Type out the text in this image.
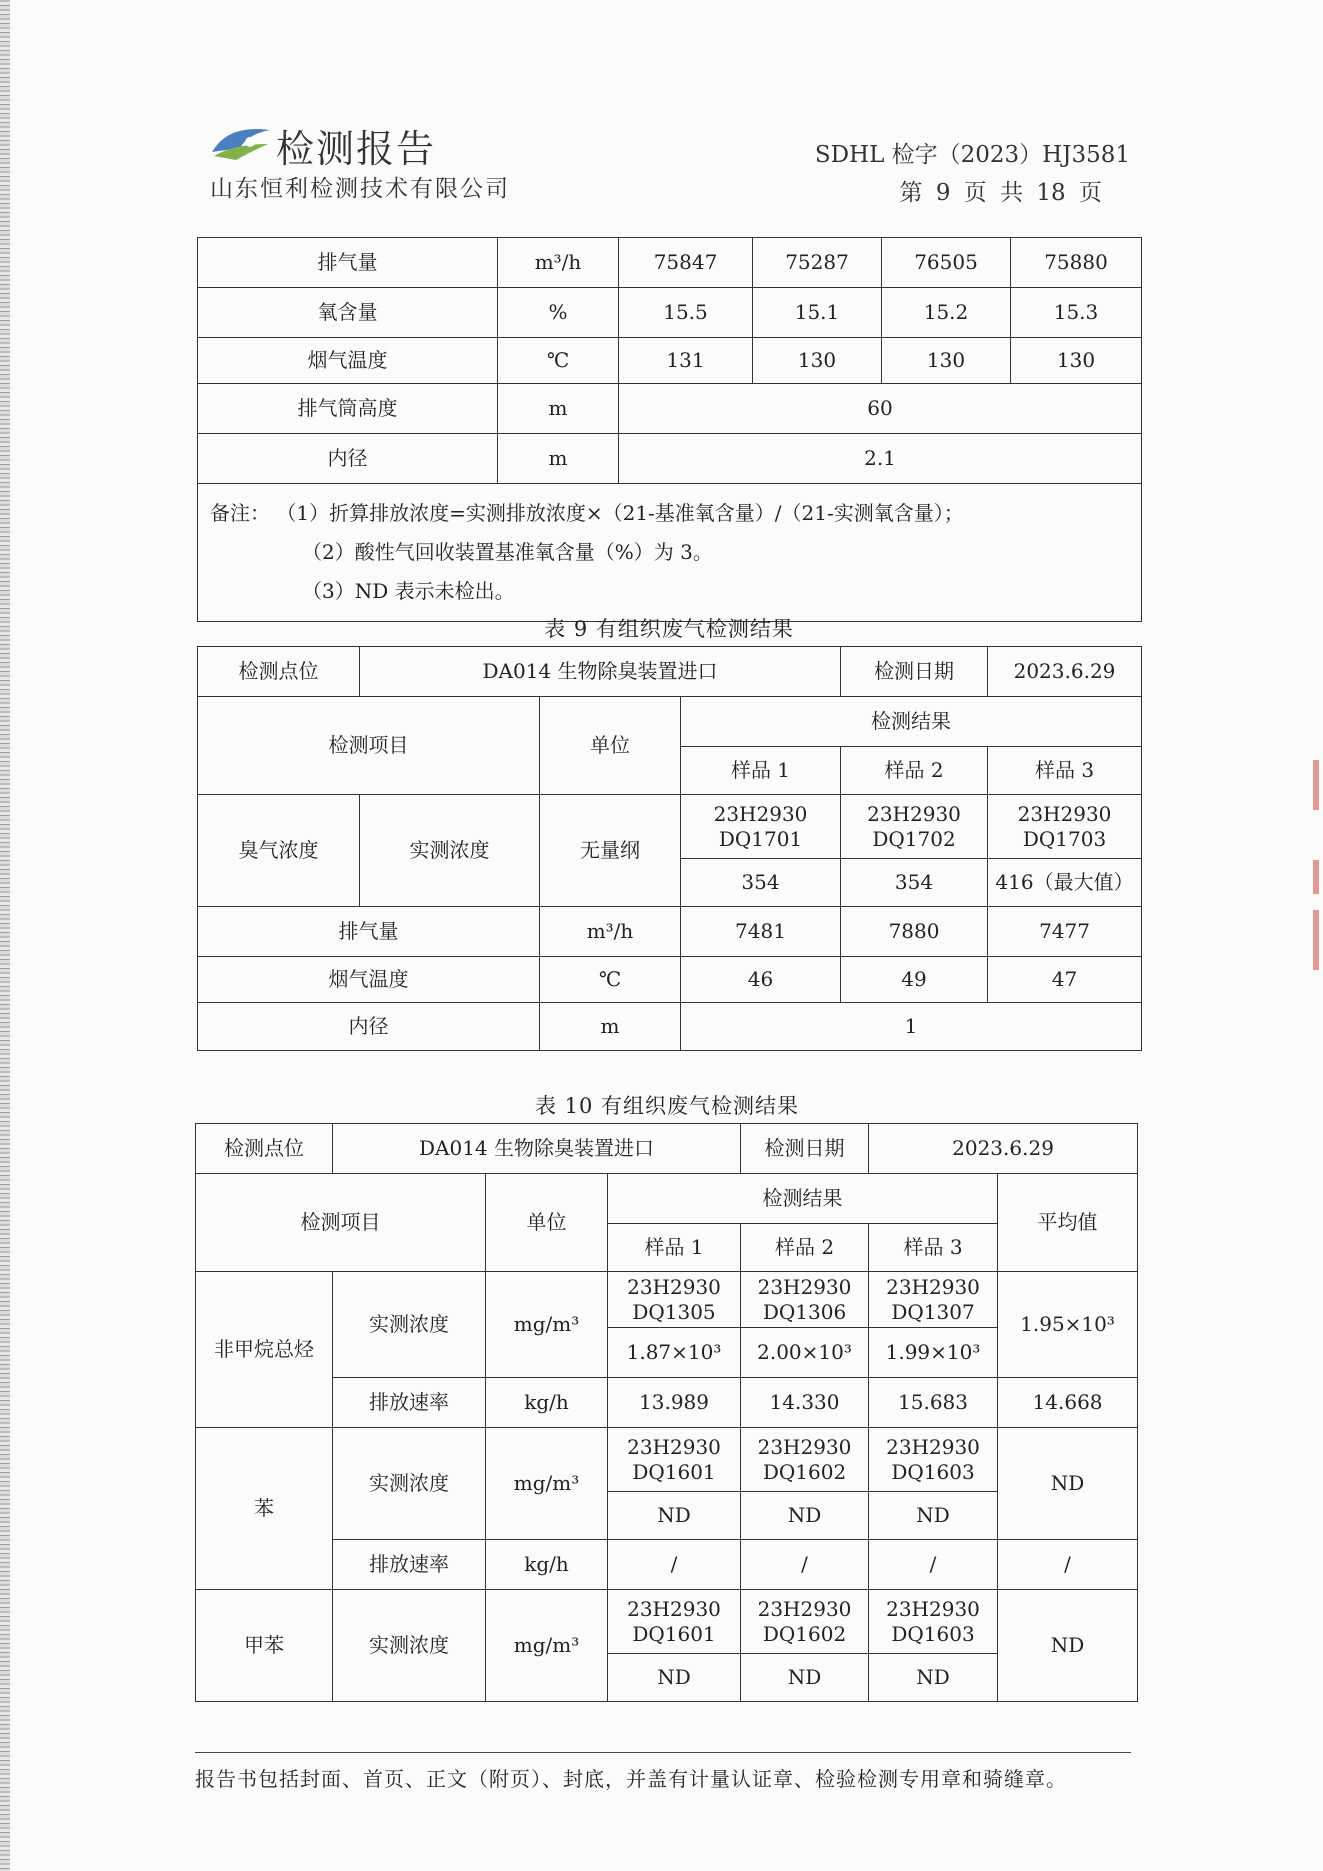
检测报告
山东恒利检测技术有限公司
SDHL 检字（2023）HJ3581
第 9 页 共 18 页
排气量	m³/h	75847	75287	76505	75880
氧含量	%	15.5	15.1	15.2	15.3
烟气温度	℃	131	130	130	130
排气筒高度	m	60			
内径	m	2.1			

备注： （1）折算排放浓度=实测排放浓度×（21-基准氧含量）/（21-实测氧含量）；
（2）酸性气回收装置基准氧含量（%）为 3。
（3）ND 表示未检出。					
表 9 有组织废气检测结果
检测点位	DA014 生物除臭装置进口			检测日期	2023.6.29
检测项目		单位	检测结果		
			样品 1	样品 2	样品 3
臭气浓度	实测浓度	无量纲	23H2930 DQ1701	23H2930 DQ1702	23H2930 DQ1703
			354	354	416（最大值）
排气量		m³/h	7481	7880	7477
烟气温度		℃	46	49	47
内径		m	1		
表 10 有组织废气检测结果
检测点位	DA014 生物除臭装置进口			检测日期	2023.6.29	
检测项目		单位	检测结果			平均值
			样品 1	样品 2	样品 3	
非甲烷总烃	实测浓度	mg/m³	23H2930 DQ1305	23H2930 DQ1306	23H2930 DQ1307	1.95×10³
			1.87×10³	2.00×10³	1.99×10³	
	排放速率	kg/h	13.989	14.330	15.683	14.668
苯	实测浓度	mg/m³	23H2930 DQ1601	23H2930 DQ1602	23H2930 DQ1603	ND
			ND	ND	ND	
	排放速率	kg/h	/	/	/	/
甲苯	实测浓度	mg/m³	23H2930 DQ1601	23H2930 DQ1602	23H2930 DQ1603	ND
			ND	ND	ND	
报告书包括封面、首页、正文（附页）、封底，并盖有计量认证章、检验检测专用章和骑缝章。
